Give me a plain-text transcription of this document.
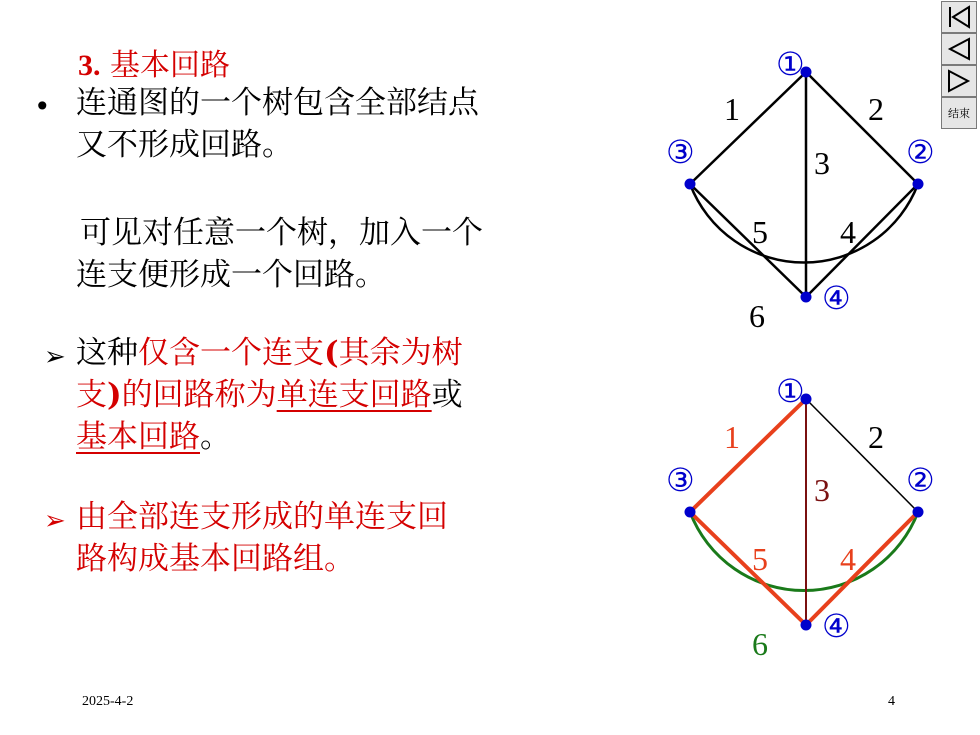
3. 基本回路
• 连通图的一个树包含全部结点
又不形成回路。
可见对任意一个树，加入一个
连支便形成一个回路。
➢ 这种仅含一个连支(其余为树
支)的回路称为单连支回路或
基本回路。
➢ 由全部连支形成的单连支回
路构成基本回路组。
2025-4-2	4
结束
①
②
③
④
1	2
3
4
5
6
①
②
③
④
1	2
3
4
5
6
